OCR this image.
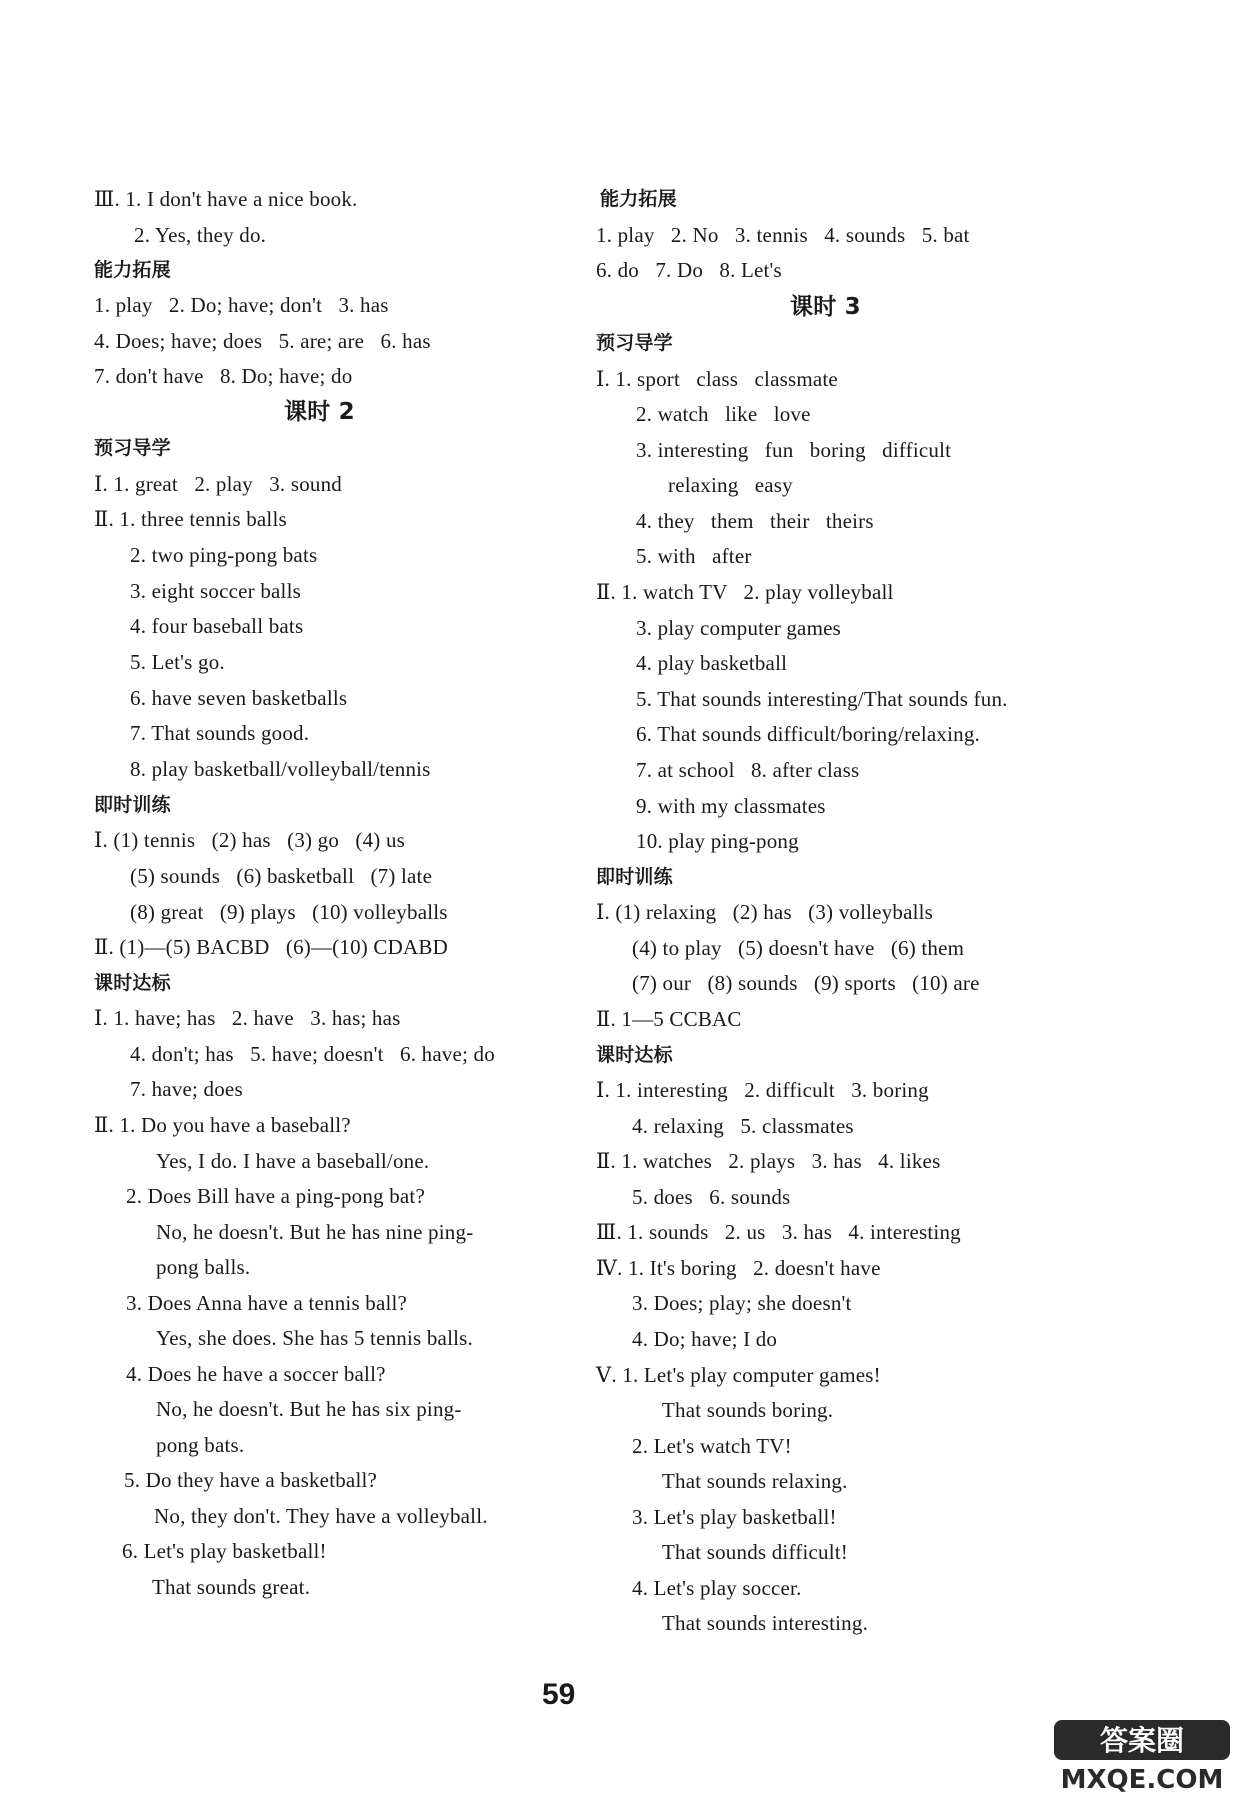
Ⅲ. 1. I don't have a nice book.
2. Yes, they do.
能力拓展
1. play   2. Do; have; don't   3. has
4. Does; have; does   5. are; are   6. has
7. don't have   8. Do; have; do
课时 2
预习导学
Ⅰ. 1. great   2. play   3. sound
Ⅱ. 1. three tennis balls
2. two ping-pong bats
3. eight soccer balls
4. four baseball bats
5. Let's go.
6. have seven basketballs
7. That sounds good.
8. play basketball/volleyball/tennis
即时训练
Ⅰ. (1) tennis   (2) has   (3) go   (4) us
(5) sounds   (6) basketball   (7) late
(8) great   (9) plays   (10) volleyballs
Ⅱ. (1)—(5) BACBD   (6)—(10) CDABD
课时达标
Ⅰ. 1. have; has   2. have   3. has; has
4. don't; has   5. have; doesn't   6. have; do
7. have; does
Ⅱ. 1. Do you have a baseball?
Yes, I do. I have a baseball/one.
2. Does Bill have a ping-pong bat?
No, he doesn't. But he has nine ping-
pong balls.
3. Does Anna have a tennis ball?
Yes, she does. She has 5 tennis balls.
4. Does he have a soccer ball?
No, he doesn't. But he has six ping-
pong bats.
5. Do they have a basketball?
No, they don't. They have a volleyball.
6. Let's play basketball!
That sounds great.
能力拓展
1. play   2. No   3. tennis   4. sounds   5. bat
6. do   7. Do   8. Let's
课时 3
预习导学
Ⅰ. 1. sport   class   classmate
2. watch   like   love
3. interesting   fun   boring   difficult
relaxing   easy
4. they   them   their   theirs
5. with   after
Ⅱ. 1. watch TV   2. play volleyball
3. play computer games
4. play basketball
5. That sounds interesting/That sounds fun.
6. That sounds difficult/boring/relaxing.
7. at school   8. after class
9. with my classmates
10. play ping-pong
即时训练
Ⅰ. (1) relaxing   (2) has   (3) volleyballs
(4) to play   (5) doesn't have   (6) them
(7) our   (8) sounds   (9) sports   (10) are
Ⅱ. 1—5 CCBAC
课时达标
Ⅰ. 1. interesting   2. difficult   3. boring
4. relaxing   5. classmates
Ⅱ. 1. watches   2. plays   3. has   4. likes
5. does   6. sounds
Ⅲ. 1. sounds   2. us   3. has   4. interesting
Ⅳ. 1. It's boring   2. doesn't have
3. Does; play; she doesn't
4. Do; have; I do
Ⅴ. 1. Let's play computer games!
That sounds boring.
2. Let's watch TV!
That sounds relaxing.
3. Let's play basketball!
That sounds difficult!
4. Let's play soccer.
That sounds interesting.
59
答案圈
MXQE.COM
